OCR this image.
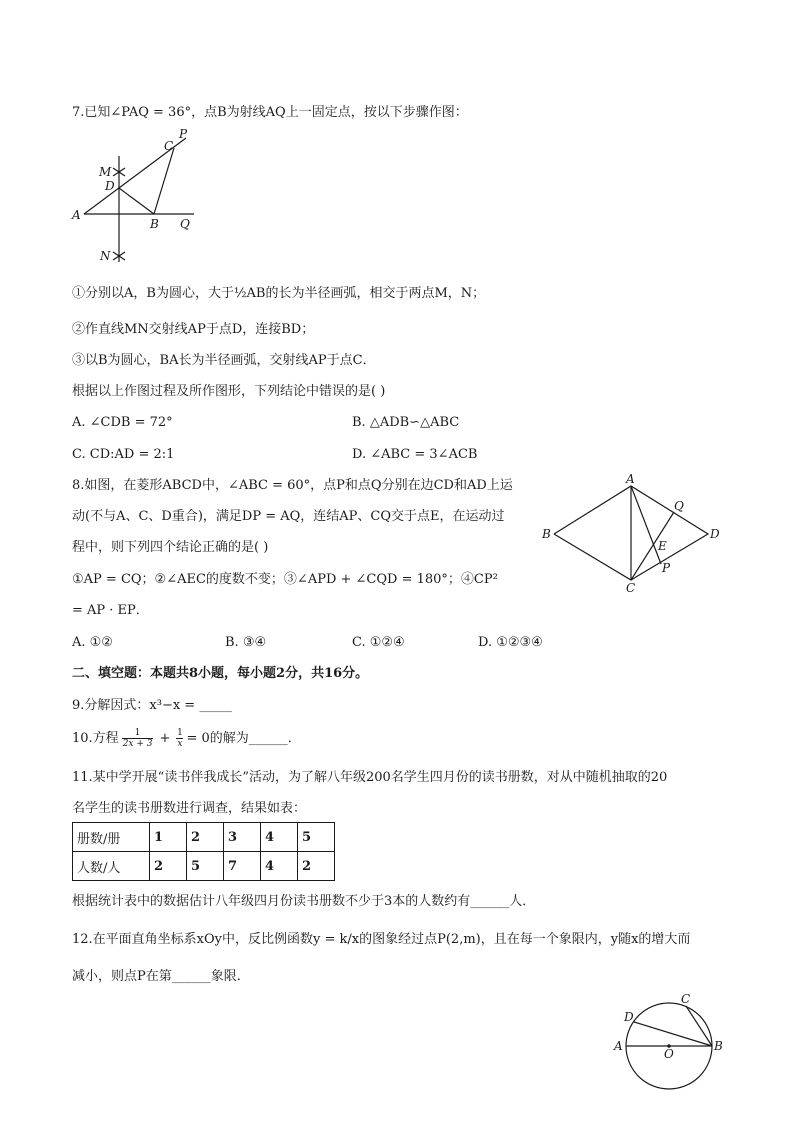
7.已知∠PAQ = 36°，点B为射线AQ上一固定点，按以下步骤作图：
P
C
M
D
A
B Q
N
①分别以A，B为圆心，大于½AB的长为半径画弧，相交于两点M，N；
②作直线MN交射线AP于点D，连接BD；
③以B为圆心，BA长为半径画弧，交射线AP于点C．
根据以上作图过程及所作图形，下列结论中错误的是( )
A. ∠CDB = 72°	B. △ADB∽△ABC
C. CD:AD = 2:1	D. ∠ABC = 3∠ACB
8.如图，在菱形ABCD中，∠ABC = 60°，点P和点Q分别在边CD和AD上运
动(不与A、C、D重合)，满足DP = AQ，连结AP、CQ交于点E，在运动过
程中，则下列四个结论正确的是( )
①AP = CQ；②∠AEC的度数不变；③∠APD + ∠CQD = 180°；④CP²
= AP · EP．
A
Q
B
E
D
C
P
A. ①②	B. ③④	C. ①②④	D. ①②③④
二、填空题：本题共8小题，每小题2分，共16分。
9.分解因式：x³−x = _____
10.方程 $\frac{1}{2x + 3} + \frac{1}{x} = 0$的解为______．
11.某中学开展“读书伴我成长”活动，为了解八年级200名学生四月份的读书册数，对从中随机抽取的20
名学生的读书册数进行调查，结果如表：
册数/册	1	2	3	4	5
人数/人	2	5	7	4	2
根据统计表中的数据估计八年级四月份读书册数不少于3本的人数约有______人．
12.在平面直角坐标系xOy中，反比例函数y = k/x的图象经过点P(2,m)，且在每一个象限内，y随x的增大而
减小，则点P在第______象限．
C
D
A
O
B
